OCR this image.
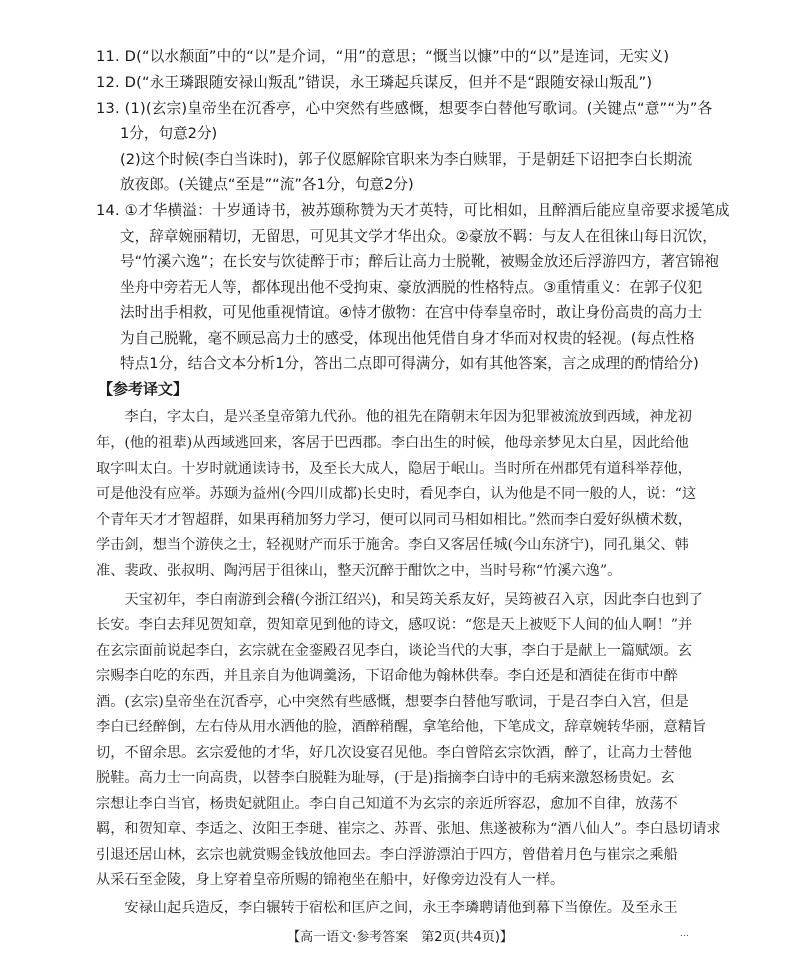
11. D(“以水颒面”中的“以”是介词，“用”的意思；“慨当以慷”中的“以”是连词，无实义)

12. D(“永王璘跟随安禄山叛乱”错误，永王璘起兵谋反，但并不是“跟随安禄山叛乱”)

13. (1)(玄宗)皇帝坐在沉香亭，心中突然有些感慨，想要李白替他写歌词。(关键点“意”“为”各

1分，句意2分)

(2)这个时候(李白当诛时)，郭子仪愿解除官职来为李白赎罪，于是朝廷下诏把李白长期流

放夜郎。(关键点“至是”“流”各1分，句意2分)

14. ①才华横溢：十岁通诗书，被苏颋称赞为天才英特，可比相如，且醉酒后能应皇帝要求援笔成

文，辞章婉丽精切，无留思，可见其文学才华出众。②豪放不羁：与友人在徂徕山每日沉饮，

号“竹溪六逸”；在长安与饮徒醉于市；醉后让高力士脱靴，被赐金放还后浮游四方，著宫锦袍

坐舟中旁若无人等，都体现出他不受拘束、豪放洒脱的性格特点。③重情重义：在郭子仪犯

法时出手相救，可见他重视情谊。④恃才傲物：在宫中侍奉皇帝时，敢让身份高贵的高力士

为自己脱靴，毫不顾忌高力士的感受，体现出他凭借自身才华而对权贵的轻视。(每点性格

特点1分，结合文本分析1分，答出二点即可得满分，如有其他答案，言之成理的酌情给分)

【参考译文】

　　李白，字太白，是兴圣皇帝第九代孙。他的祖先在隋朝末年因为犯罪被流放到西域，神龙初

年，(他的祖辈)从西域逃回来，客居于巴西郡。李白出生的时候，他母亲梦见太白星，因此给他

取字叫太白。十岁时就通读诗书，及至长大成人，隐居于岷山。当时所在州郡凭有道科举荐他，

可是他没有应举。苏颋为益州(今四川成都)长史时，看见李白，认为他是不同一般的人，说：“这

个青年天才才智超群，如果再稍加努力学习，便可以同司马相如相比。”然而李白爱好纵横术数，

学击剑，想当个游侠之士，轻视财产而乐于施舍。李白又客居任城(今山东济宁)，同孔巢父、韩

准、裴政、张叔明、陶沔居于徂徕山，整天沉醉于酣饮之中，当时号称“竹溪六逸”。

　　天宝初年，李白南游到会稽(今浙江绍兴)，和吴筠关系友好，吴筠被召入京，因此李白也到了

长安。李白去拜见贺知章，贺知章见到他的诗文，感叹说：“您是天上被贬下人间的仙人啊！”并

在玄宗面前说起李白，玄宗就在金銮殿召见李白，谈论当代的大事，李白于是献上一篇赋颂。玄

宗赐李白吃的东西，并且亲自为他调羹汤，下诏命他为翰林供奉。李白还是和酒徒在街市中醉

酒。(玄宗)皇帝坐在沉香亭，心中突然有些感慨，想要李白替他写歌词，于是召李白入宫，但是

李白已经醉倒，左右侍从用水洒他的脸，酒醉稍醒，拿笔给他，下笔成文，辞章婉转华丽，意精旨

切，不留余思。玄宗爱他的才华，好几次设宴召见他。李白曾陪玄宗饮酒，醉了，让高力士替他

脱鞋。高力士一向高贵，以替李白脱鞋为耻辱，(于是)指摘李白诗中的毛病来激怒杨贵妃。玄

宗想让李白当官，杨贵妃就阻止。李白自己知道不为玄宗的亲近所容忍，愈加不自律，放荡不

羁，和贺知章、李适之、汝阳王李琎、崔宗之、苏晋、张旭、焦遂被称为“酒八仙人”。李白恳切请求

引退还居山林，玄宗也就赏赐金钱放他回去。李白浮游漂泊于四方，曾借着月色与崔宗之乘船

从采石至金陵，身上穿着皇帝所赐的锦袍坐在船中，好像旁边没有人一样。

　　安禄山起兵造反，李白辗转于宿松和匡庐之间，永王李璘聘请他到幕下当僚佐。及至永王

【高一语文·参考答案　第2页(共4页)】	…
